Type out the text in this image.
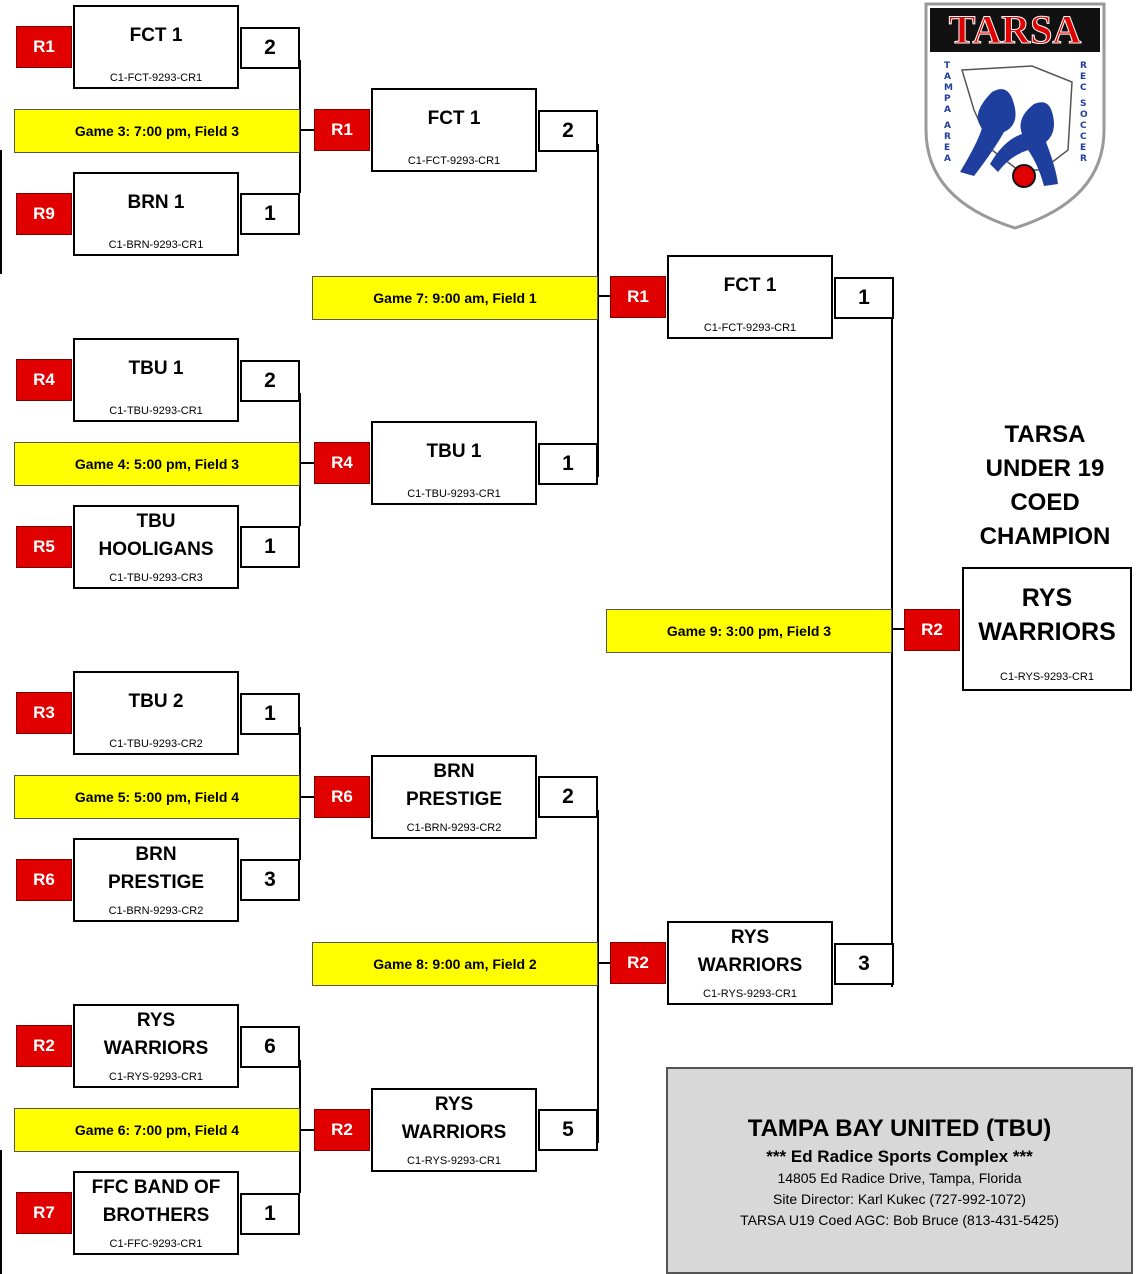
TARSA
T
A
M
P
A
A
R
E
A
R
E
C
S
O
C
C
E
R
TARSA
UNDER 19
COED
CHAMPION
R1
FCT 1
C1-FCT-9293-CR1
2
R9
BRN 1
C1-BRN-9293-CR1
1
R4
TBU 1
C1-TBU-9293-CR1
2
R5
TBU HOOLIGANS
C1-TBU-9293-CR3
1
R3
TBU 2
C1-TBU-9293-CR2
1
R6
BRN PRESTIGE
C1-BRN-9293-CR2
3
R2
RYS WARRIORS
C1-RYS-9293-CR1
6
R7
FFC BAND OF BROTHERS
C1-FFC-9293-CR1
1
Game 3: 7:00 pm, Field 3
Game 4: 5:00 pm, Field 3
Game 5: 5:00 pm, Field 4
Game 6: 7:00 pm, Field 4
Game 7: 9:00 am, Field 1
Game 8: 9:00 am, Field 2
Game 9: 3:00 pm, Field 3
R1
FCT 1
C1-FCT-9293-CR1
2
R4
TBU 1
C1-TBU-9293-CR1
1
R6
BRN PRESTIGE
C1-BRN-9293-CR2
2
R2
RYS WARRIORS
C1-RYS-9293-CR1
5
R1
FCT 1
C1-FCT-9293-CR1
1
R2
RYS WARRIORS
C1-RYS-9293-CR1
3
R2
RYS WARRIORS
C1-RYS-9293-CR1
TAMPA BAY UNITED (TBU)
*** Ed Radice Sports Complex ***
14805 Ed Radice Drive, Tampa, Florida
Site Director: Karl Kukec (727-992-1072)
TARSA U19 Coed AGC: Bob Bruce (813-431-5425)
